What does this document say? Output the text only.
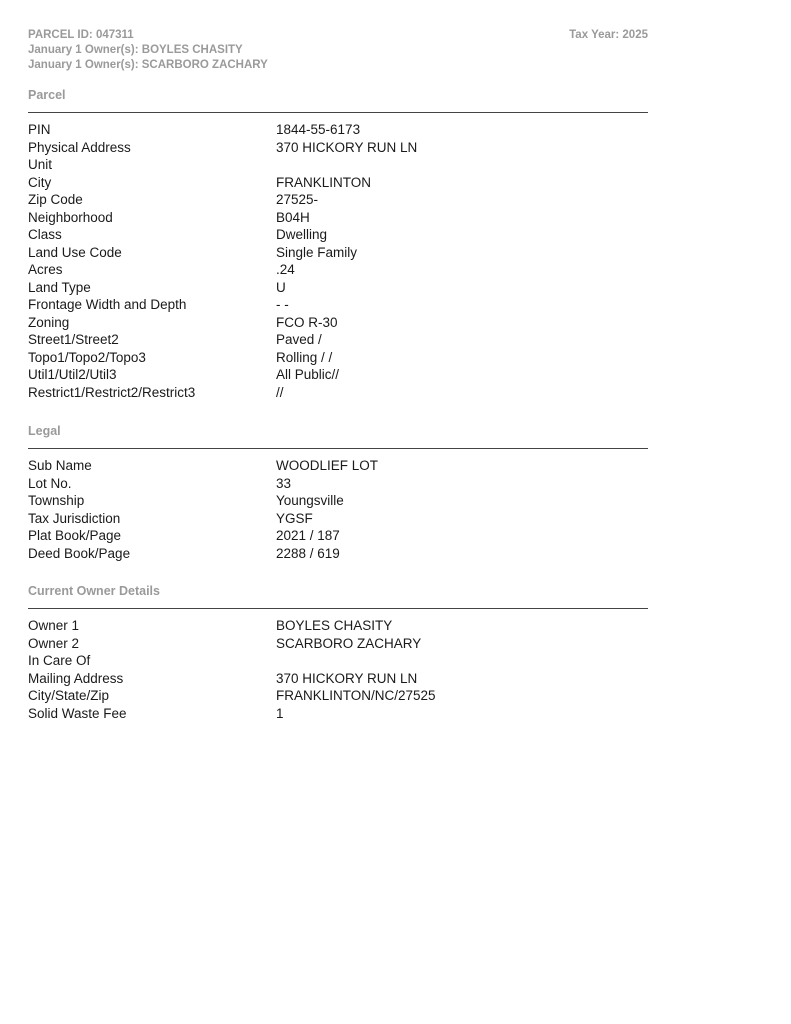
PARCEL ID: 047311
January 1 Owner(s): BOYLES CHASITY
January 1 Owner(s): SCARBORO ZACHARY
Tax Year: 2025
Parcel
PIN	1844-55-6173
Physical Address	370 HICKORY RUN LN
Unit
City	FRANKLINTON
Zip Code	27525-
Neighborhood	B04H
Class	Dwelling
Land Use Code	Single Family
Acres	.24
Land Type	U
Frontage Width and Depth	- -
Zoning	FCO R-30
Street1/Street2	Paved /
Topo1/Topo2/Topo3	Rolling / /
Util1/Util2/Util3	All Public//
Restrict1/Restrict2/Restrict3	//
Legal
Sub Name	WOODLIEF LOT
Lot No.	33
Township	Youngsville
Tax Jurisdiction	YGSF
Plat Book/Page	2021 / 187
Deed Book/Page	2288 / 619
Current Owner Details
Owner 1	BOYLES CHASITY
Owner 2	SCARBORO ZACHARY
In Care Of
Mailing Address	370 HICKORY RUN LN
City/State/Zip	FRANKLINTON/NC/27525
Solid Waste Fee	1
